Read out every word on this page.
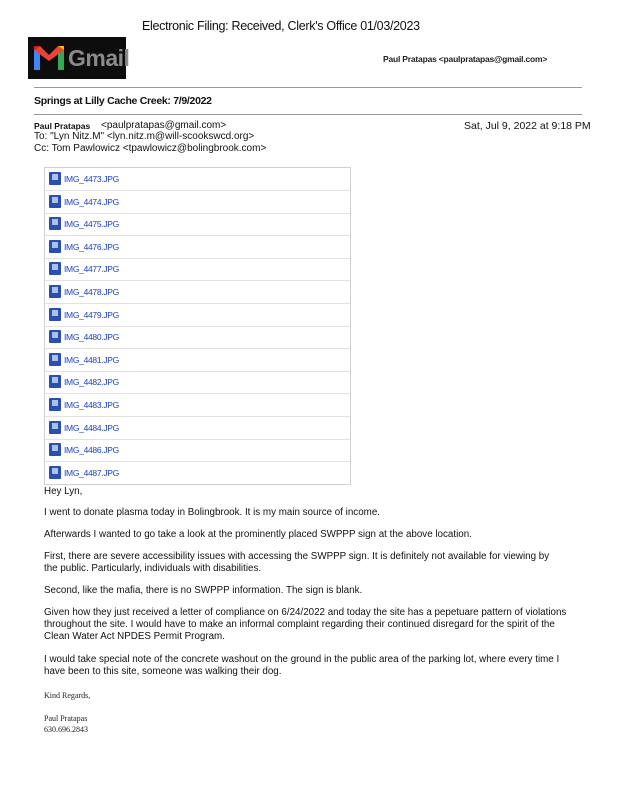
Electronic Filing: Received, Clerk's Office 01/03/2023
Gmail	Paul Pratapas <paulpratapas@gmail.com>
Springs at Lilly Cache Creek: 7/9/2022
Paul Pratapas <paulpratapas@gmail.com>	Sat, Jul 9, 2022 at 9:18 PM
To: "Lyn Nitz.M" <lyn.nitz.m@will-scookswcd.org>
Cc: Tom Pawlowicz <tpawlowicz@bolingbrook.com>
IMG_4473.JPG
IMG_4474.JPG
IMG_4475.JPG
IMG_4476.JPG
IMG_4477.JPG
IMG_4478.JPG
IMG_4479.JPG
IMG_4480.JPG
IMG_4481.JPG
IMG_4482.JPG
IMG_4483.JPG
IMG_4484.JPG
IMG_4486.JPG
IMG_4487.JPG
Hey Lyn,
I went to donate plasma today in Bolingbrook. It is my main source of income.
Afterwards I wanted to go take a look at the prominently placed SWPPP sign at the above location.
First, there are severe accessibility issues with accessing the SWPPP sign. It is definitely not available for viewing by
the public. Particularly, individuals with disabilities.
Second, like the mafia, there is no SWPPP information. The sign is blank.
Given how they just received a letter of compliance on 6/24/2022 and today the site has a pepetuare pattern of violations
throughout the site. I would have to make an informal complaint regarding their continued disregard for the spirit of the
Clean Water Act NPDES Permit Program.
I would take special note of the concrete washout on the ground in the public area of the parking lot, where every time I
have been to this site, someone was walking their dog.
Kind Regards,
Paul Pratapas
630.696.2843
